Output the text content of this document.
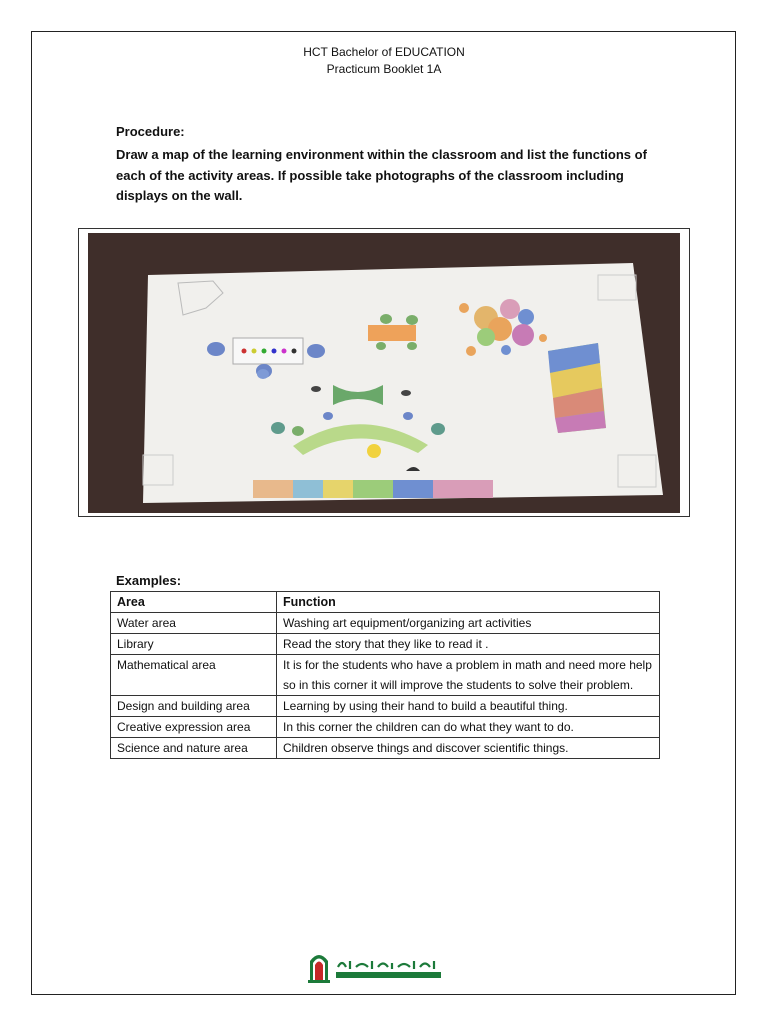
HCT Bachelor of EDUCATION
Practicum Booklet 1A
Procedure:
Draw a map of the learning environment within the classroom and list the functions of each of the activity areas. If possible take photographs of the classroom including displays on the wall.
Examples:
Area	Function
Water area	Washing art equipment/organizing art activities
Library	Read the story that they like to read it .
Mathematical area	It is for the students who have a problem in math and need more help so in this corner it will improve the students to solve their problem.
Design and building area	Learning by using their hand to build a beautiful thing.
Creative expression area	In this corner the children can do what they want to do.
Science and nature area	Children observe things and discover scientific things.
